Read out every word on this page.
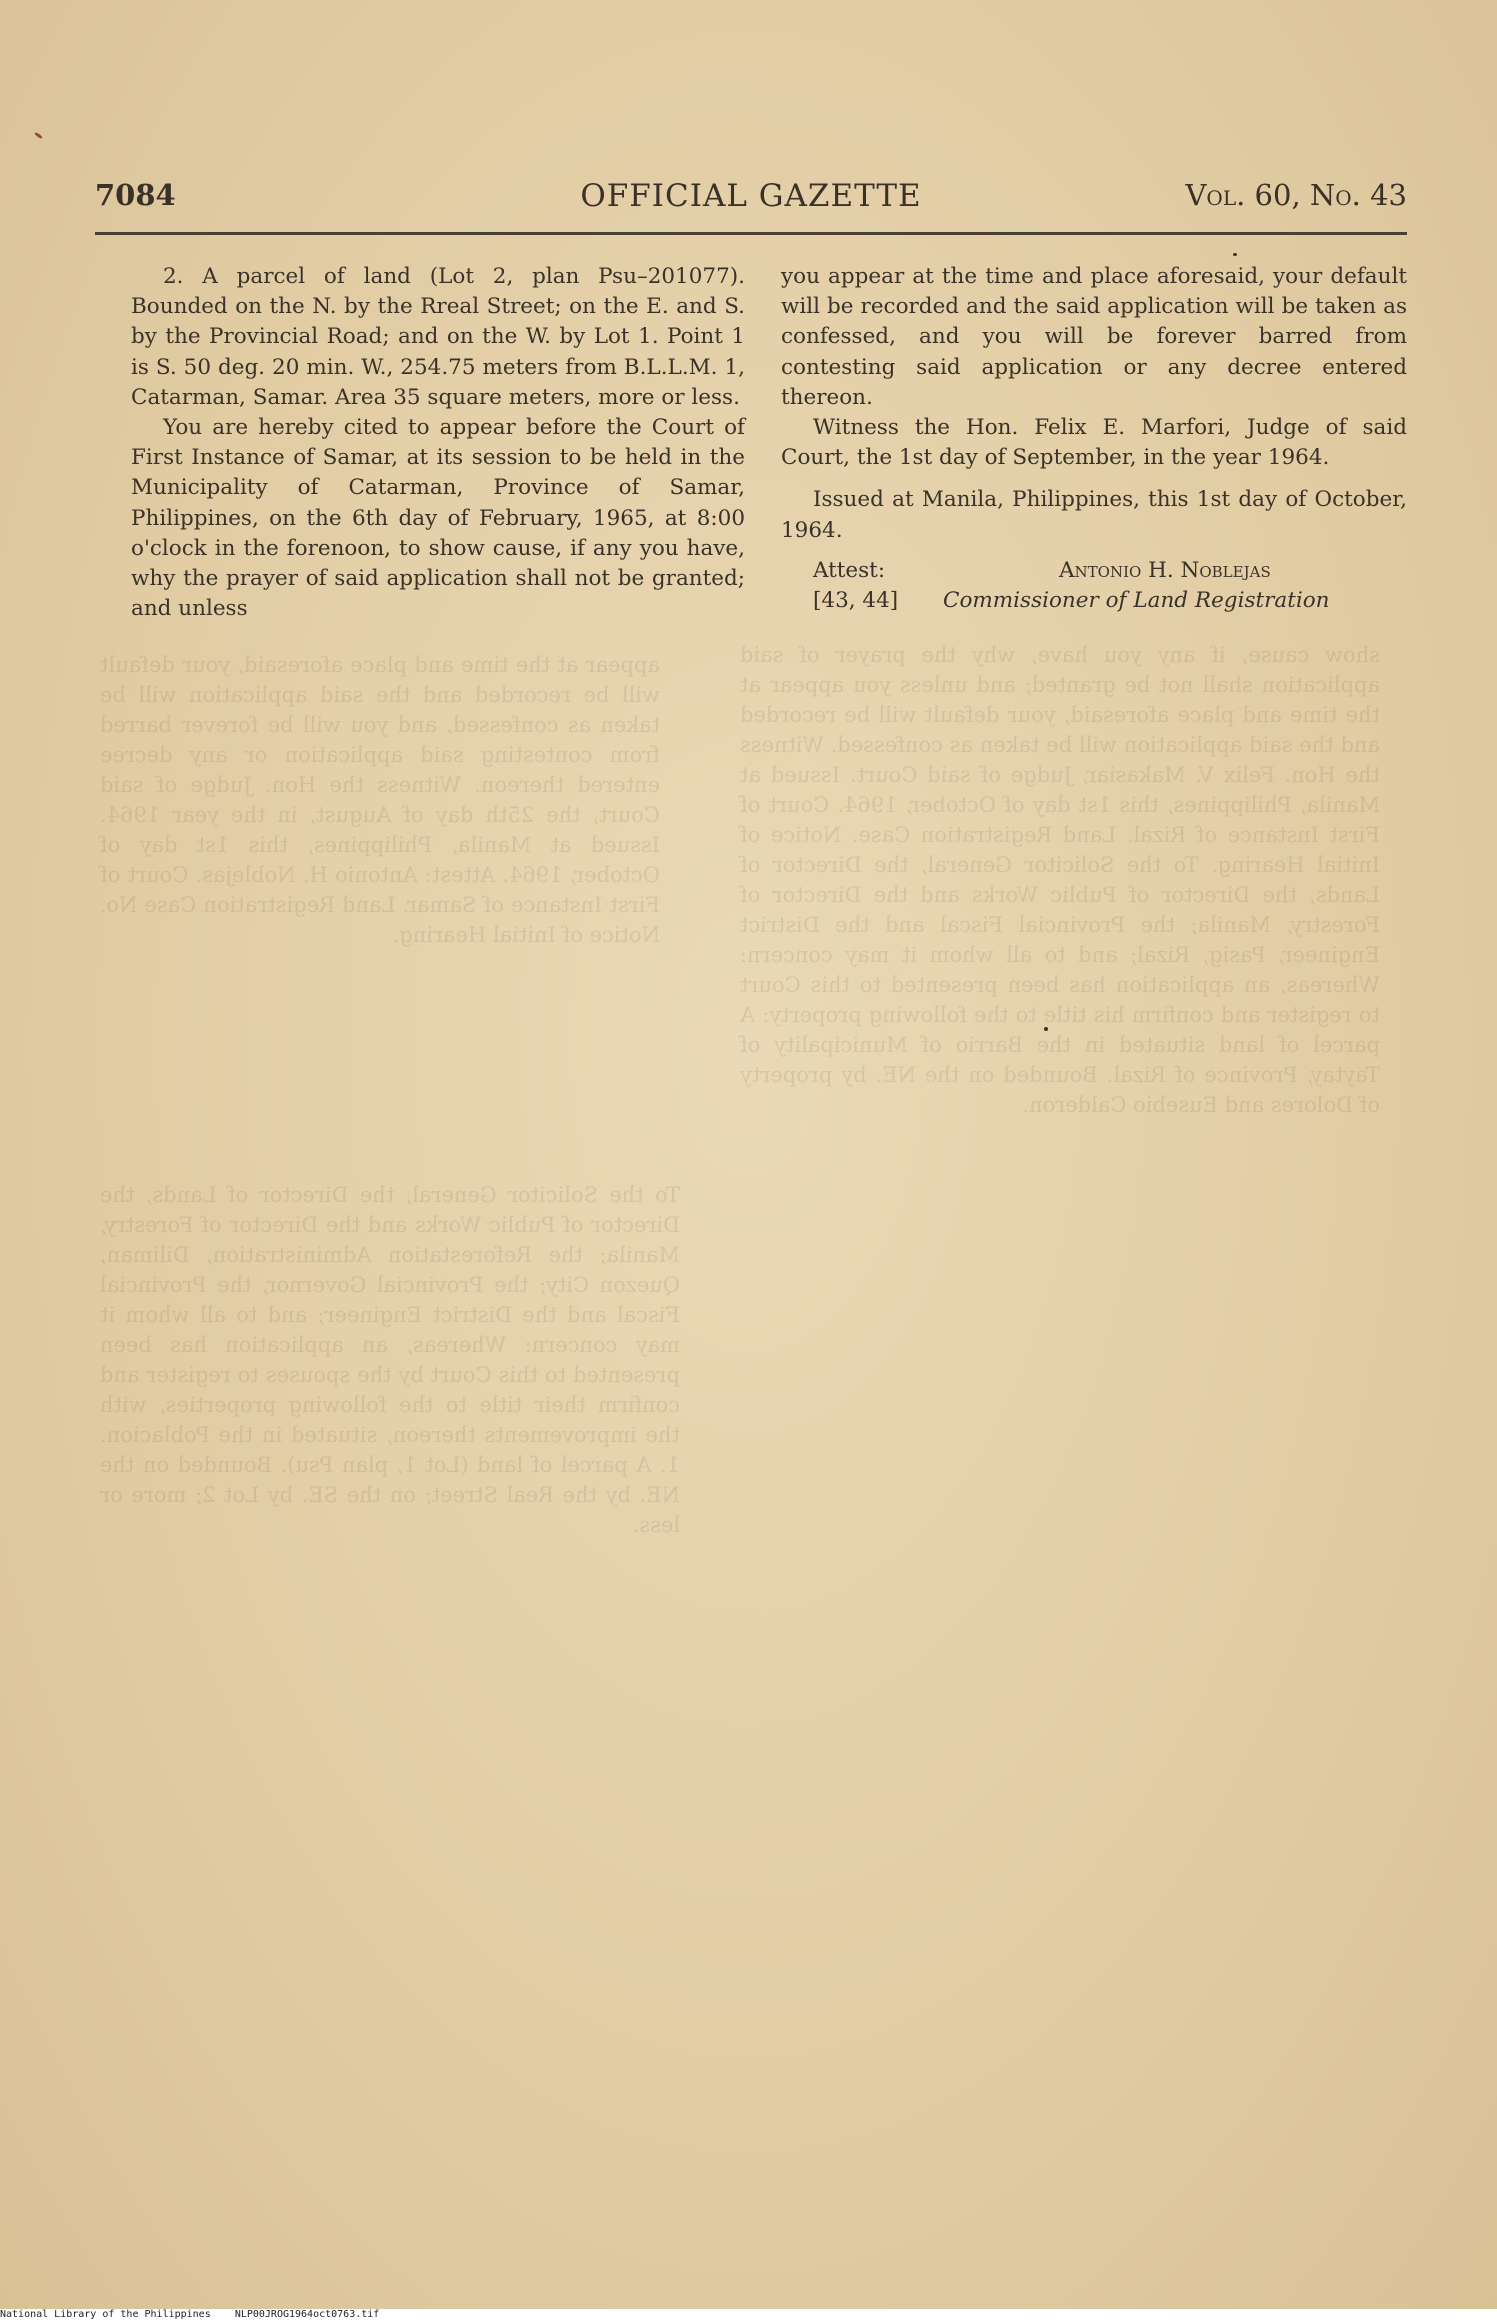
7084	OFFICIAL GAZETTE	Vol. 60, No. 43
appear at the time and place aforesaid, your default will be recorded and the said application will be taken as confessed, and you will be forever barred from contesting said application or any decree entered thereon. Witness the Hon. Judge of said Court, the 25th day of August, in the year 1964. Issued at Manila, Philippines, this 1st day of October, 1964. Attest: Antonio H. Noblejas. Court of First Instance of Samar. Land Registration Case No. Notice of Initial Hearing.
show cause, if any you have, why the prayer of said application shall not be granted; and unless you appear at the time and place aforesaid, your default will be recorded and the said application will be taken as confessed. Witness the Hon. Felix V. Makasiar, Judge of said Court. Issued at Manila, Philippines, this 1st day of October, 1964. Court of First Instance of Rizal. Land Registration Case. Notice of Initial Hearing. To the Solicitor General, the Director of Lands, the Director of Public Works and the Director of Forestry, Manila; the Provincial Fiscal and the District Engineer, Pasig, Rizal; and to all whom it may concern: Whereas, an application has been presented to this Court to register and confirm his title to the following property: A parcel of land situated in the Barrio of Municipality of Taytay, Province of Rizal. Bounded on the NE. by property of Dolores and Eusebio Calderon.
To the Solicitor General, the Director of Lands, the Director of Public Works and the Director of Forestry, Manila; the Reforestation Administration, Diliman, Quezon City; the Provincial Governor, the Provincial Fiscal and the District Engineer; and to all whom it may concern: Whereas, an application has been presented to this Court by the spouses to register and confirm their title to the following properties, with the improvements thereon, situated in the Poblacion. 1. A parcel of land (Lot 1, plan Psu). Bounded on the NE. by the Real Street; on the SE. by Lot 2; more or less.

2. A parcel of land (Lot 2, plan Psu–201077). Bounded on the N. by the Rreal Street; on the E. and S. by the Provincial Road; and on the W. by Lot 1. Point 1 is S. 50 deg. 20 min. W., 254.75 meters from B.L.L.M. 1, Catarman, Samar. Area 35 square meters, more or less.

You are hereby cited to appear before the Court of First Instance of Samar, at its session to be held in the Municipality of Catarman, Province of Samar, Philippines, on the 6th day of February, 1965, at 8:00 o'clock in the forenoon, to show cause, if any you have, why the prayer of said application shall not be granted; and unless

you appear at the time and place aforesaid, your default will be recorded and the said application will be taken as confessed, and you will be forever barred from contesting said application or any decree entered thereon.

Witness the Hon. Felix E. Marfori, Judge of said Court, the 1st day of September, in the year 1964.

Issued at Manila, Philippines, this 1st day of October, 1964.

Attest:	Antonio H. Noblejas
[43, 44] Commissioner of Land Registration
National Library of the Philippines NLP00JROG1964oct0763.tif
